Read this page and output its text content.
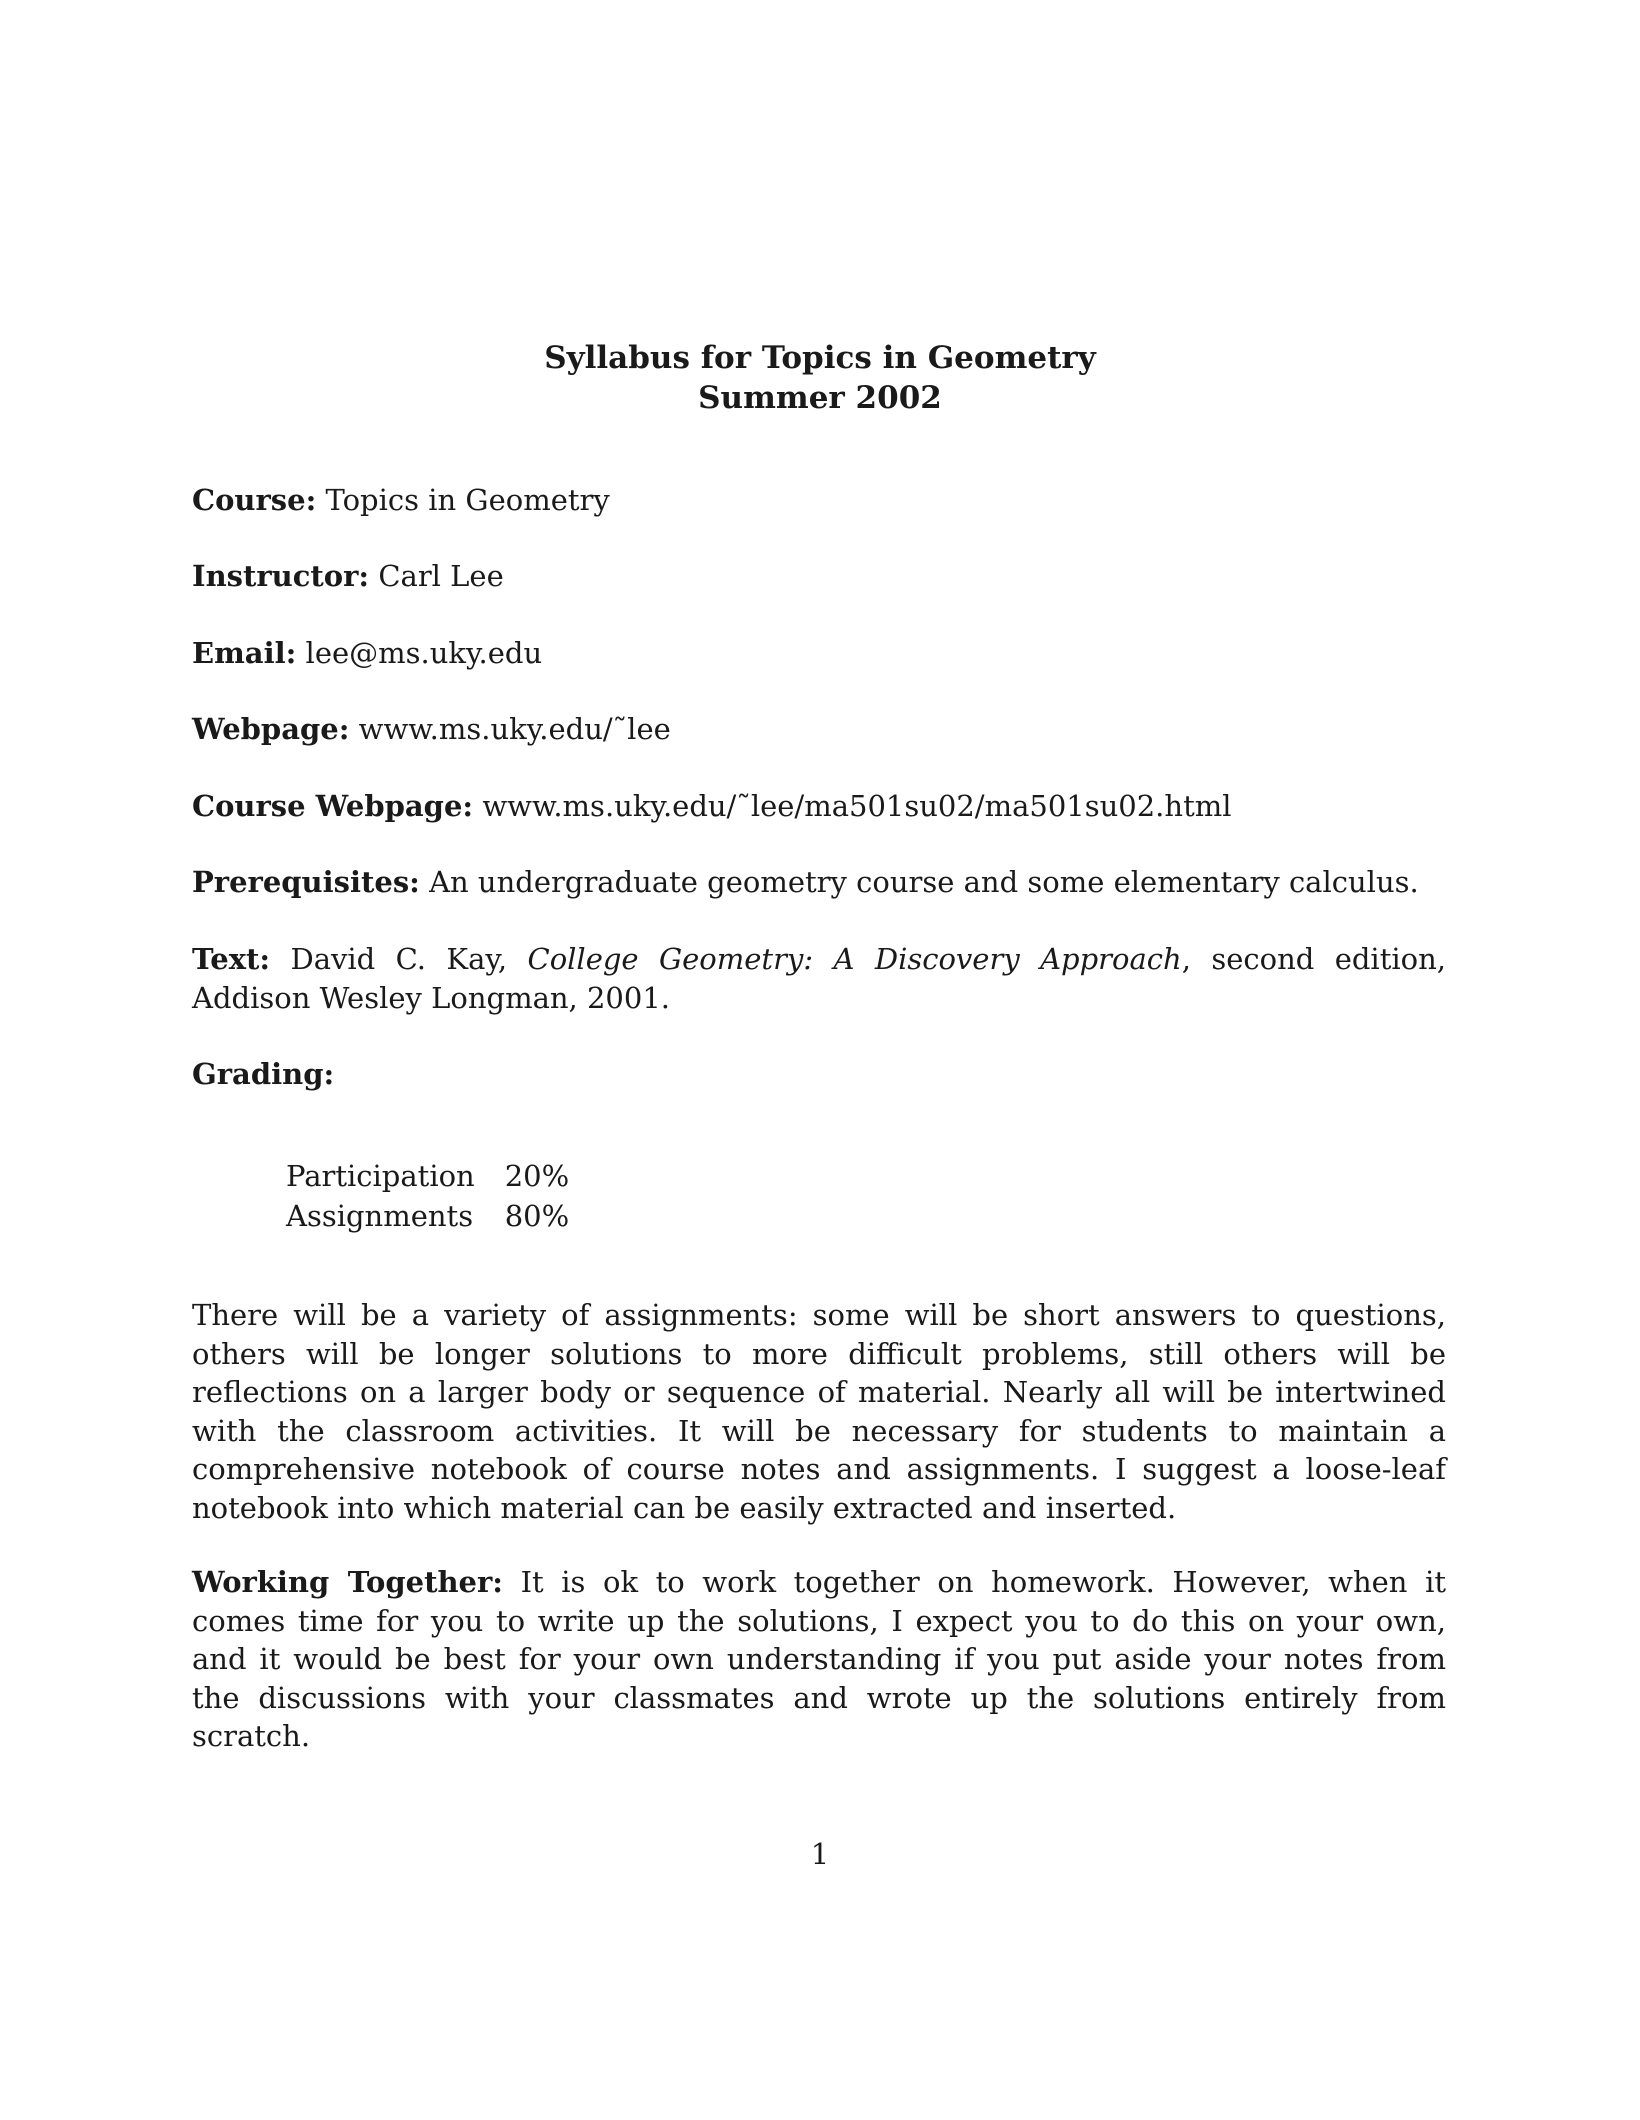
Syllabus for Topics in Geometry
Summer 2002
Course: Topics in Geometry
Instructor: Carl Lee
Email: lee@ms.uky.edu
Webpage: www.ms.uky.edu/˜lee
Course Webpage: www.ms.uky.edu/˜lee/ma501su02/ma501su02.html
Prerequisites: An undergraduate geometry course and some elementary calculus.
Text: David C. Kay, College Geometry: A Discovery Approach, second edition, Addison Wesley Longman, 2001.
Grading:
Participation	20%
Assignments	80%
There will be a variety of assignments: some will be short answers to questions, others will be longer solutions to more difficult problems, still others will be reflections on a larger body or sequence of material. Nearly all will be intertwined with the classroom activities. It will be necessary for students to maintain a comprehensive notebook of course notes and assignments. I suggest a loose-leaf notebook into which material can be easily extracted and inserted.
Working Together: It is ok to work together on homework. However, when it comes time for you to write up the solutions, I expect you to do this on your own, and it would be best for your own understanding if you put aside your notes from the discussions with your classmates and wrote up the solutions entirely from scratch.
1
